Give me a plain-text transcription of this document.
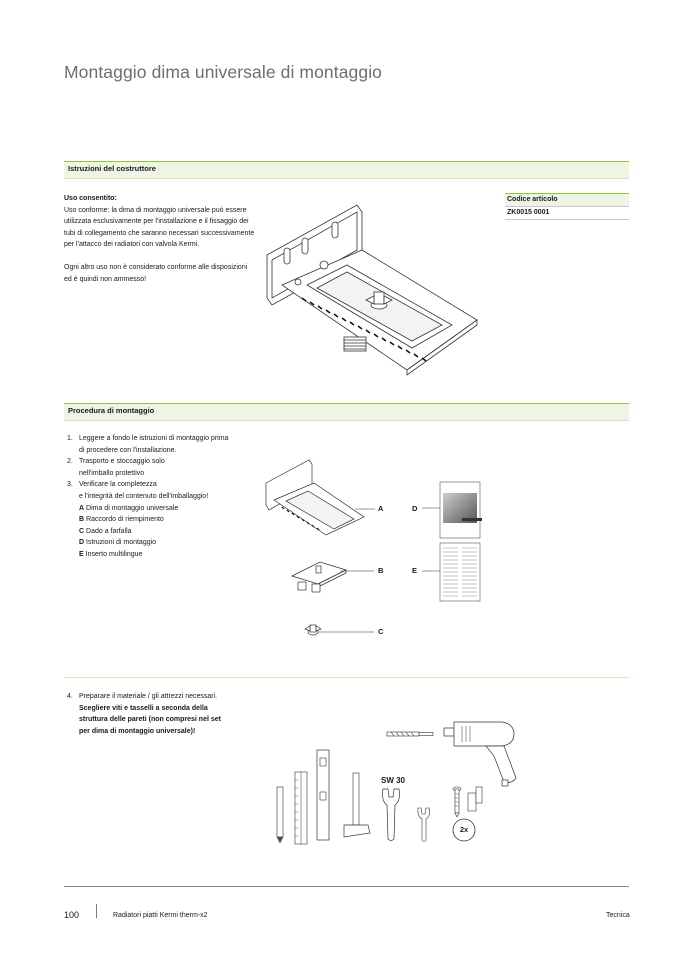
Montaggio dima universale di montaggio
Istruzioni del costruttore
Uso consentito:
Uso conforme: la dima di montaggio universale può essere
utilizzata esclusivamente per l'installazione e il fissaggio dei
tubi di collegamento che saranno necessari successivamente
per l'attacco dei radiatori con valvola Kermi.
Ogni altro uso non è considerato conforme alle disposizioni
ed è quindi non ammesso!
Codice articolo
ZK0015 0001
Procedura di montaggio
1. Leggere a fondo le istruzioni di montaggio prima
di procedere con l'installazione.
2. Trasporto e stoccaggio solo
nell'imballo protettivo
3. Verificare la completezza
e l'integrità del contenuto dell'imballaggio!
A Dima di montaggio universale
B Raccordo di riempimento
C Dado a farfalla
D Istruzioni di montaggio
E Inserto multilingue
A
B
C
D
E
4. Preparare il materiale / gli attrezzi necessari.
Scegliere viti e tasselli a seconda della
struttura delle pareti (non compresi nel set
per dima di montaggio universale)!
SW 30
2x
100	Radiatori piatti Kermi therm-x2	Tecnica
